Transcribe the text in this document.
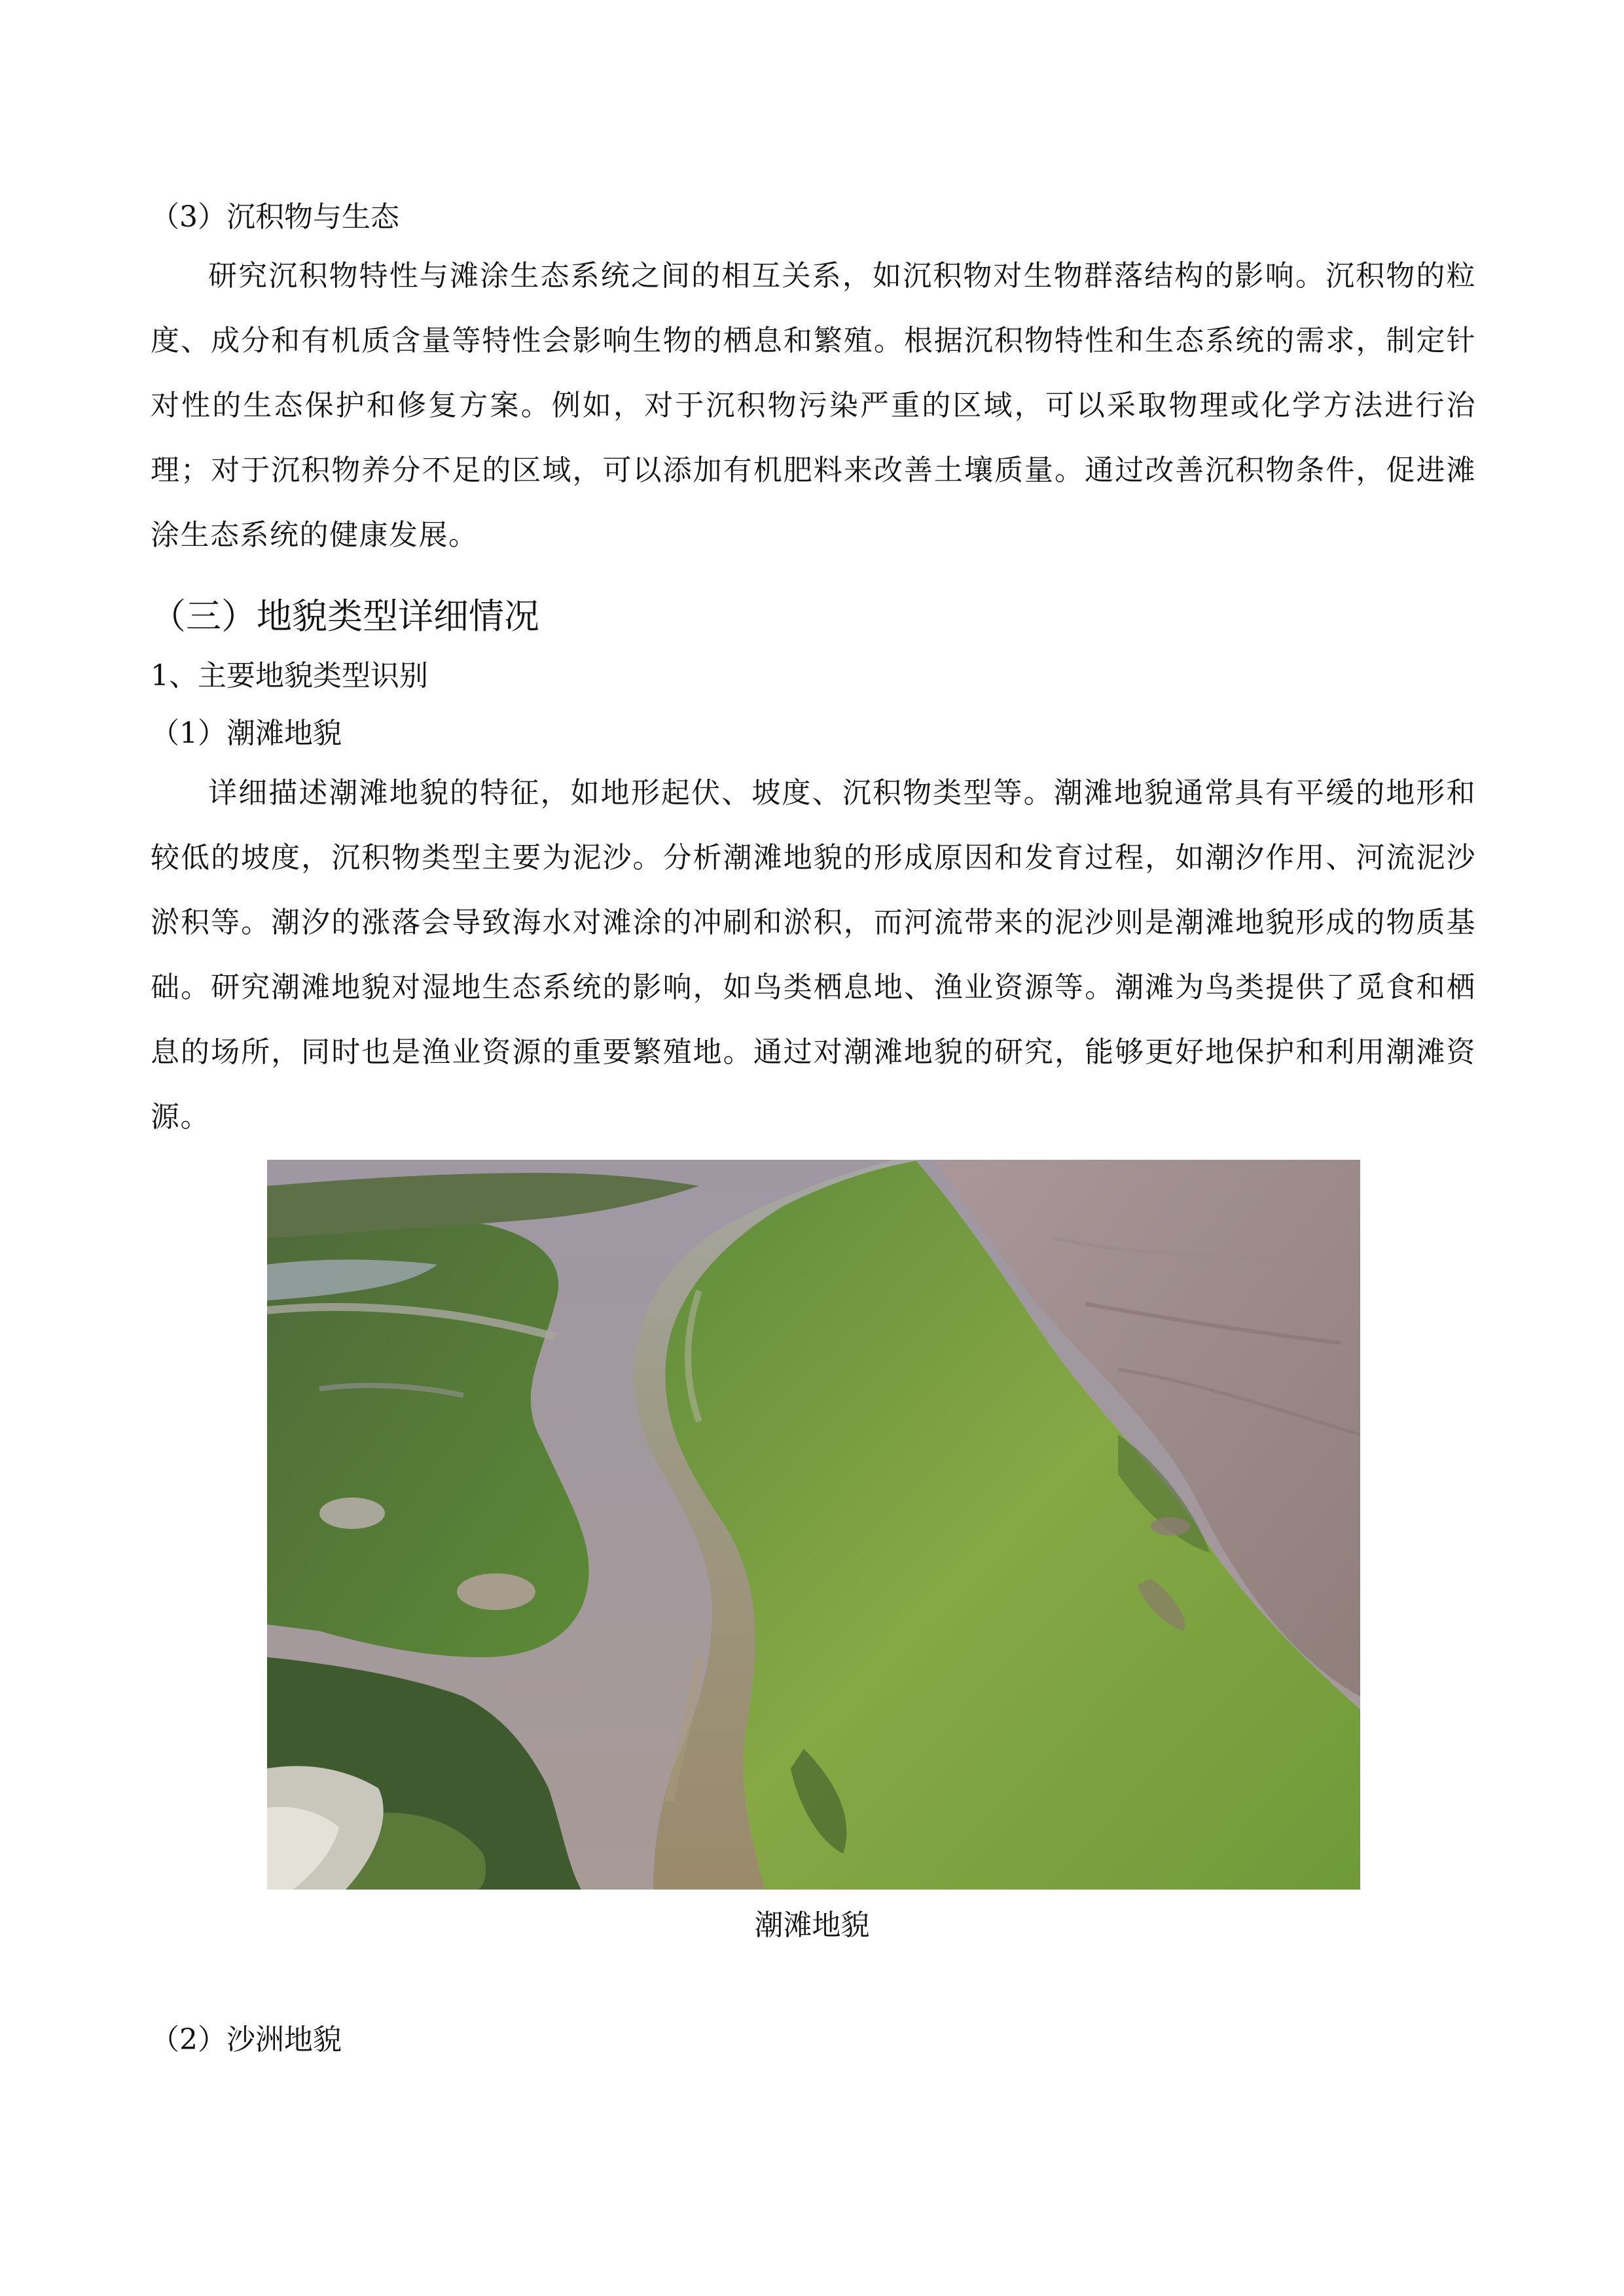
（3）沉积物与生态
研究沉积物特性与滩涂生态系统之间的相互关系，如沉积物对生物群落结构的影响。沉积物的粒度、成分和有机质含量等特性会影响生物的栖息和繁殖。根据沉积物特性和生态系统的需求，制定针对性的生态保护和修复方案。例如，对于沉积物污染严重的区域，可以采取物理或化学方法进行治理；对于沉积物养分不足的区域，可以添加有机肥料来改善土壤质量。通过改善沉积物条件，促进滩涂生态系统的健康发展。
（三）地貌类型详细情况
1、主要地貌类型识别
（1）潮滩地貌
详细描述潮滩地貌的特征，如地形起伏、坡度、沉积物类型等。潮滩地貌通常具有平缓的地形和较低的坡度，沉积物类型主要为泥沙。分析潮滩地貌的形成原因和发育过程，如潮汐作用、河流泥沙淤积等。潮汐的涨落会导致海水对滩涂的冲刷和淤积，而河流带来的泥沙则是潮滩地貌形成的物质基础。研究潮滩地貌对湿地生态系统的影响，如鸟类栖息地、渔业资源等。潮滩为鸟类提供了觅食和栖息的场所，同时也是渔业资源的重要繁殖地。通过对潮滩地貌的研究，能够更好地保护和利用潮滩资源。
潮滩地貌
（2）沙洲地貌
